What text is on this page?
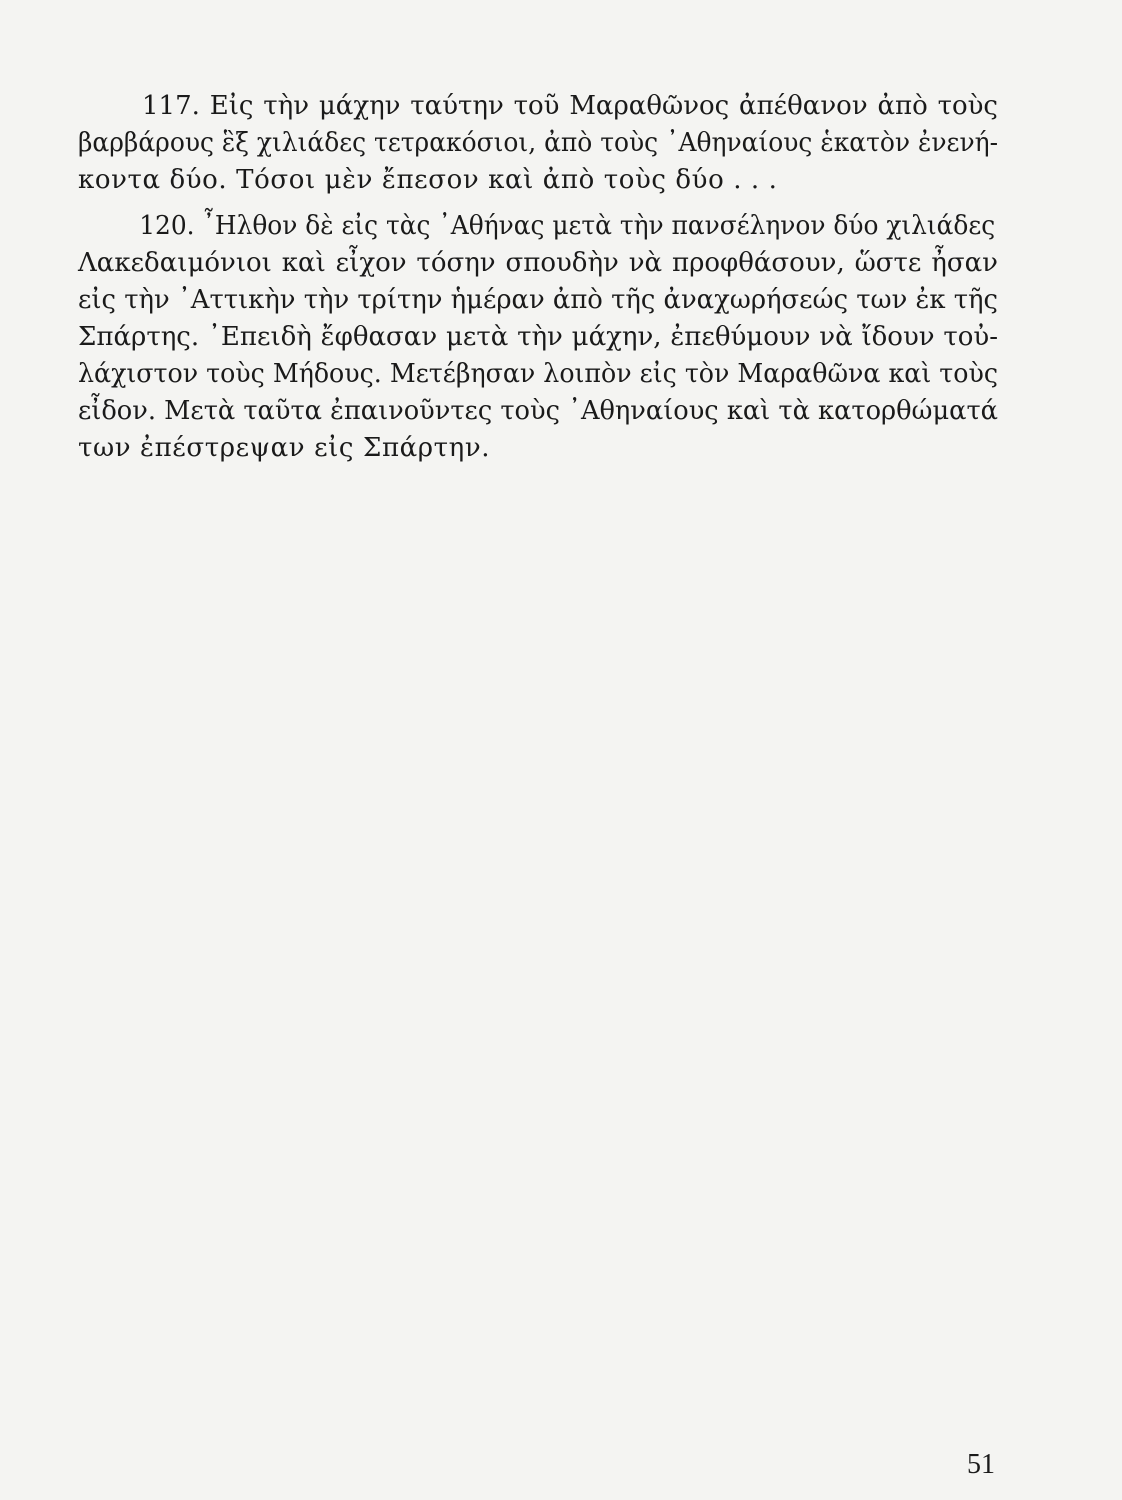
117. Εἰς τὴν μάχην ταύτην τοῦ Μαραθῶνος ἀπέθανον ἀπὸ τοὺς
βαρβάρους ἓξ χιλιάδες τετρακόσιοι, ἀπὸ τοὺς ᾿Αθηναίους ἑκατὸν ἐνενή-
κοντα δύο. Τόσοι μὲν ἔπεσον καὶ ἀπὸ τοὺς δύο . . .
120. ῏Ηλθον δὲ εἰς τὰς ᾿Αθήνας μετὰ τὴν πανσέληνον δύο χιλιάδες
Λακεδαιμόνιοι καὶ εἶχον τόσην σπουδὴν νὰ προφθάσουν, ὥστε ἦσαν
εἰς τὴν ᾿Αττικὴν τὴν τρίτην ἡμέραν ἀπὸ τῆς ἀναχωρήσεώς των ἐκ τῆς
Σπάρτης. ᾿Επειδὴ ἔφθασαν μετὰ τὴν μάχην, ἐπεθύμουν νὰ ἴδουν τοὐ-
λάχιστον τοὺς Μήδους. Μετέβησαν λοιπὸν εἰς τὸν Μαραθῶνα καὶ τοὺς
εἶδον. Μετὰ ταῦτα ἐπαινοῦντες τοὺς ᾿Αθηναίους καὶ τὰ κατορθώματά
των ἐπέστρεψαν εἰς Σπάρτην.
51
